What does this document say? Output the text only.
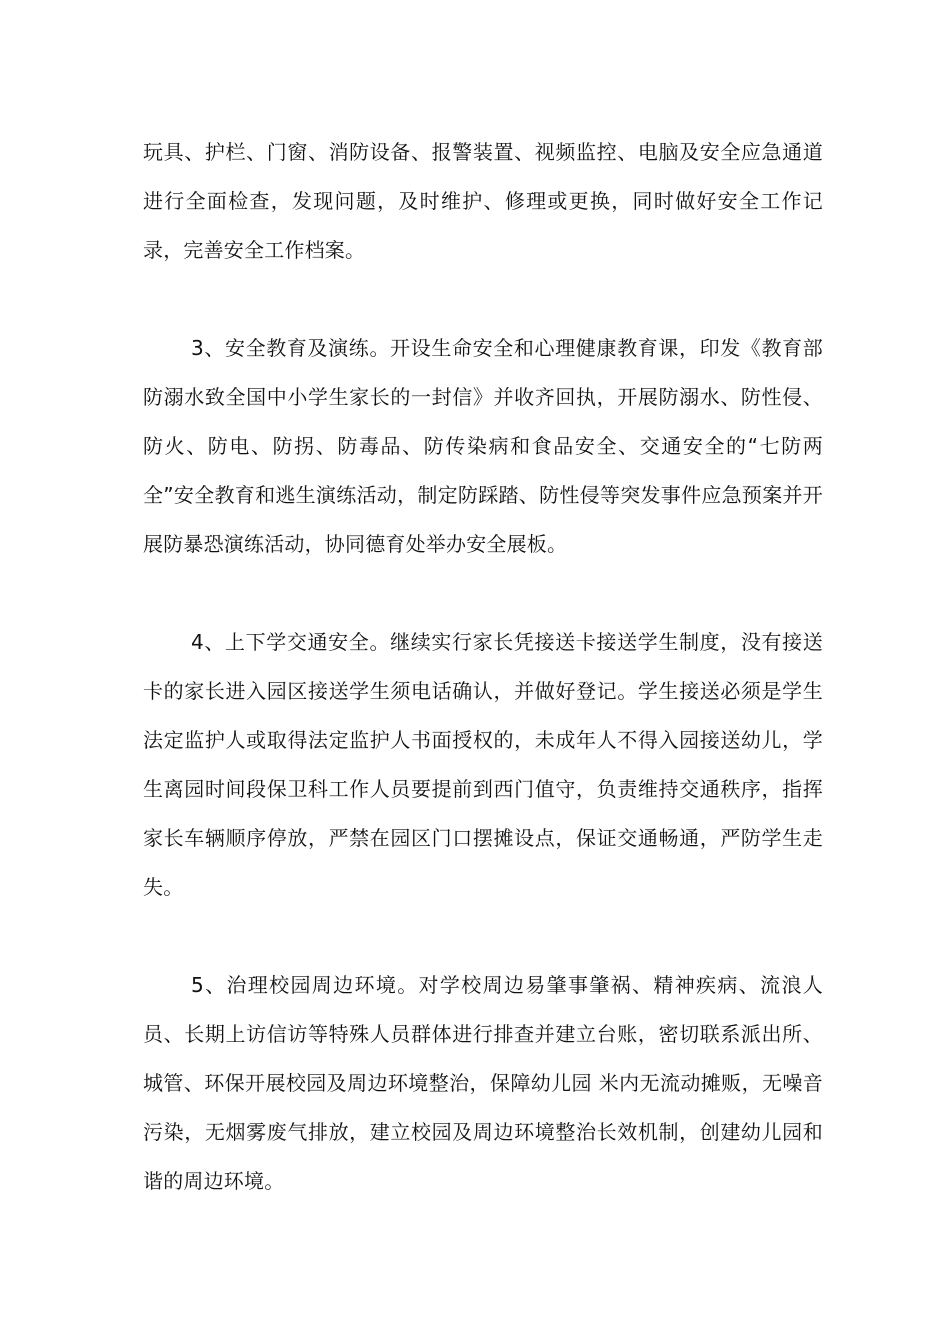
玩具、护栏、门窗、消防设备、报警装置、视频监控、电脑及安全应急通道进行全面检查，发现问题，及时维护、修理或更换，同时做好安全工作记录，完善安全工作档案。

3、安全教育及演练。开设生命安全和心理健康教育课，印发《教育部防溺水致全国中小学生家长的一封信》并收齐回执，开展防溺水、防性侵、防火、防电、防拐、防毒品、防传染病和食品安全、交通安全的“七防两全”安全教育和逃生演练活动，制定防踩踏、防性侵等突发事件应急预案并开展防暴恐演练活动，协同德育处举办安全展板。

4、上下学交通安全。继续实行家长凭接送卡接送学生制度，没有接送卡的家长进入园区接送学生须电话确认，并做好登记。学生接送必须是学生法定监护人或取得法定监护人书面授权的，未成年人不得入园接送幼儿，学生离园时间段保卫科工作人员要提前到西门值守，负责维持交通秩序，指挥家长车辆顺序停放，严禁在园区门口摆摊设点，保证交通畅通，严防学生走失。

5、治理校园周边环境。对学校周边易肇事肇祸、精神疾病、流浪人员、长期上访信访等特殊人员群体进行排查并建立台账，密切联系派出所、城管、环保开展校园及周边环境整治，保障幼儿园 米内无流动摊贩，无噪音污染，无烟雾废气排放，建立校园及周边环境整治长效机制，创建幼儿园和谐的周边环境。
